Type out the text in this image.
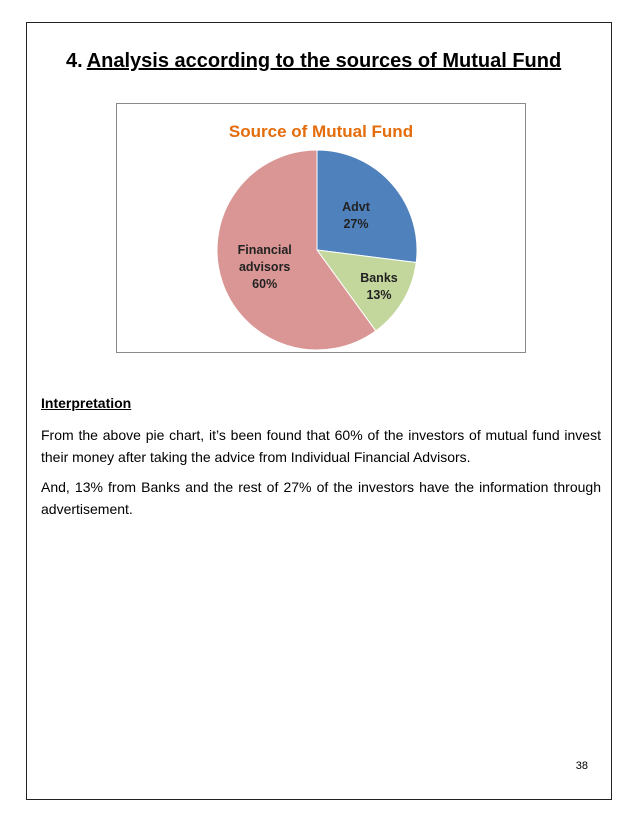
4. Analysis according to the sources of Mutual Fund
Source of Mutual Fund
Advt 27%
Banks 13%
Financial advisors 60%
Interpretation
From the above pie chart, it’s been found that 60% of the investors of mutual fund invest their money after taking the advice from Individual Financial Advisors.
And, 13% from Banks and the rest of 27% of the investors have the information through advertisement.
38
